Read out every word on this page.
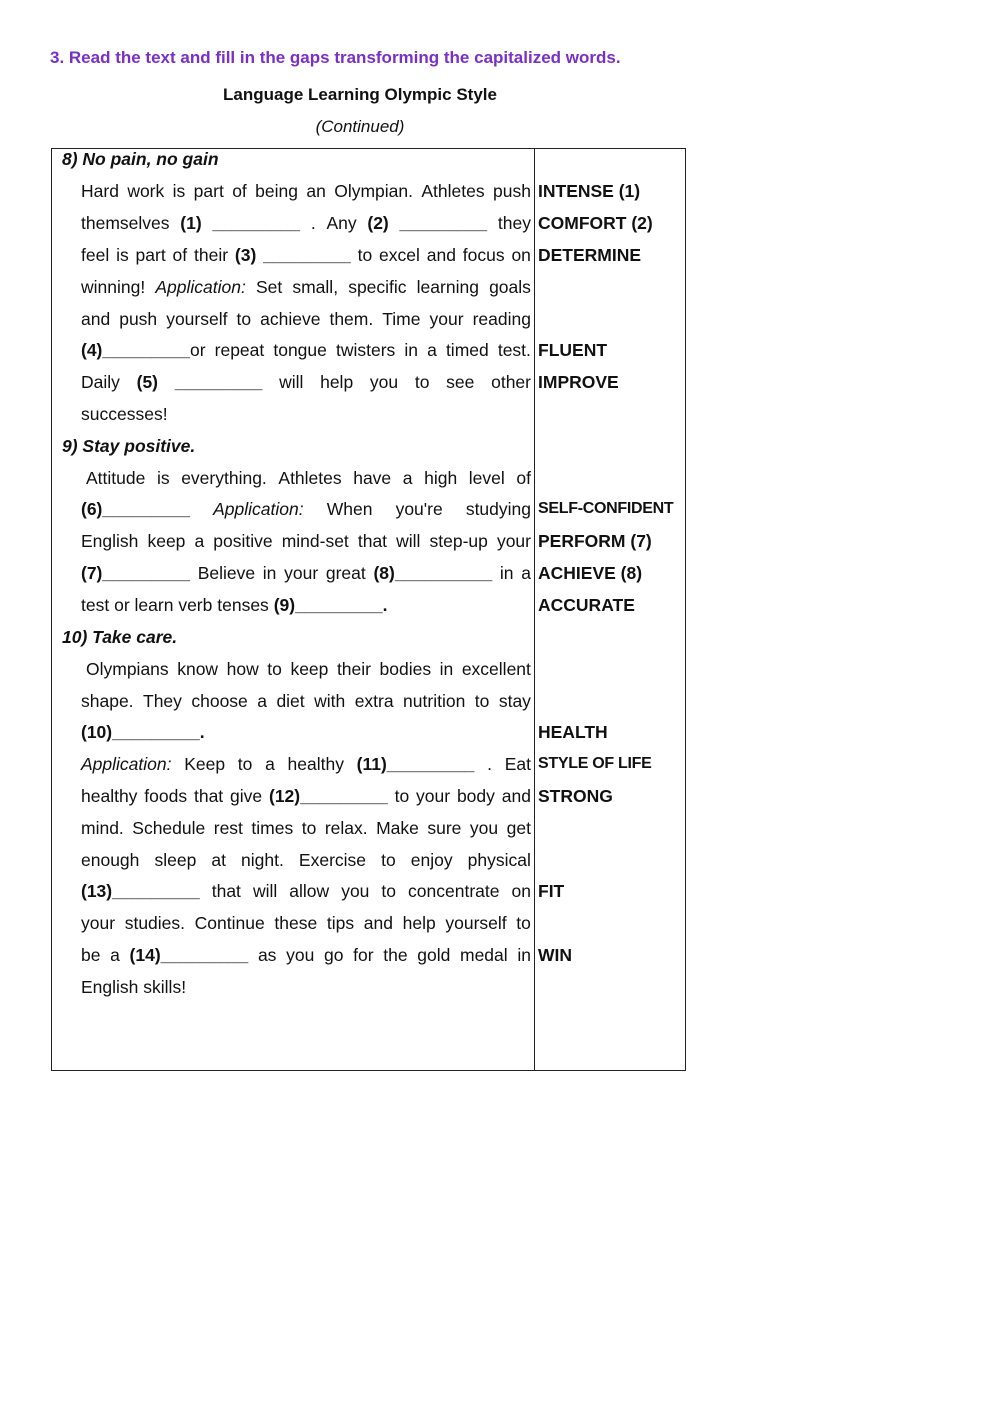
3. Read the text and fill in the gaps transforming the capitalized words.
Language Learning Olympic Style
(Continued)
8) No pain, no gain
Hard work is part of being an Olympian. Athletes push
themselves (1) _________ . Any (2) _________ they
feel is part of their (3) _________ to excel and focus on
winning! Application: Set small, specific learning goals
and push yourself to achieve them. Time your reading
(4)_________or repeat tongue twisters in a timed test.
Daily (5) _________ will help you to see other
successes!
9) Stay positive.
Attitude is everything. Athletes have a high level of
(6)_________ Application: When you're studying
English keep a positive mind-set that will step-up your
(7)_________ Believe in your great (8)__________ in a
test or learn verb tenses (9)_________.
10) Take care.
Olympians know how to keep their bodies in excellent
shape. They choose a diet with extra nutrition to stay
(10)_________.
Application: Keep to a healthy (11)_________ . Eat
healthy foods that give (12)_________ to your body and
mind. Schedule rest times to relax. Make sure you get
enough sleep at night. Exercise to enjoy physical
(13)_________ that will allow you to concentrate on
your studies. Continue these tips and help yourself to
be a (14)_________ as you go for the gold medal in
English skills!
INTENSE (1)
COMFORT (2)
DETERMINE
FLUENT
IMPROVE
SELF-CONFIDENT
PERFORM (7)
ACHIEVE (8)
ACCURATE
HEALTH
STYLE OF LIFE
STRONG
FIT
WIN
